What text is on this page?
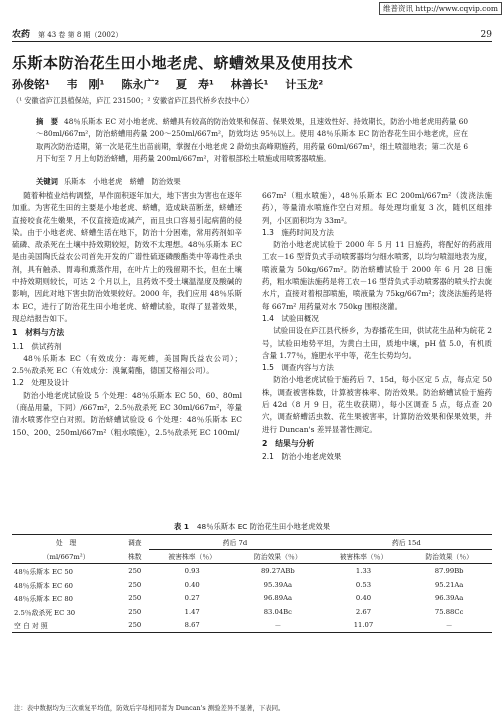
维普资讯 http://www.cqvip.com
农药 第 43 卷 第 8 期（2002）	29
乐斯本防治花生田小地老虎、蛴螬效果及使用技术
孙俊铭¹ 韦　刚¹ 陈永广² 夏　寿¹ 林善长¹ 计玉龙²
（¹ 安徽省庐江县植保站，庐江 231500；² 安徽省庐江县代桥乡农技中心）
摘　要 48％乐斯本 EC 对小地老虎、蛴螬具有较高的防治效果和保苗、保果效果，且速效性好、持效期长，防治小地老虎用药量 60～80ml/667m²，防治蛴螬用药量 200～250ml/667m²，防效均达 95％以上。使用 48％乐斯本 EC 防治春花生田小地老虎，应在取两次防治适期，第一次是花生出苗前期，掌握在小地老虎 2 龄幼虫高峰期施药，用药量 60ml/667m²，细土喷湿地表；第二次是 6 月下旬至 7 月上旬防治蛴螬，用药量 200ml/667m²，对着根部松土喷施或用喷雾器喷施。
关键词 乐斯本　小地老虎　蛴螬　防治效果

随着种植业结构调整，旱作面积逐年加大，地下害虫为害也在逐年加重。为害花生田的主要是小地老虎、蛴螬，造成缺苗断垄，蛴螬还直接咬食花生嫩果，不仅直接造成减产，而且虫口容易引起病菌的侵染。由于小地老虎、蛴螬生活在地下，防治十分困难，常用药剂如辛硫磷、敌杀死在土壤中持效期较短，防效不太理想。48％乐斯本 EC 是由美国陶氏益农公司首先开发的广谱性硫逐磷酸酯类中等毒性杀虫剂，具有触杀、胃毒和熏蒸作用，在叶片上的残留期不长，但在土壤中持效期则较长，可达 2 个月以上，且药效不受土壤温湿度及酸碱的影响，因此对地下害虫防治效果较好。2000 年，我们应用 48％乐斯本 EC，进行了防治花生田小地老虎、蛴螬试验，取得了显著效果，现总结报告如下。

1　材料与方法
1.1　供试药剂

48％乐斯本 EC（有效成分：毒死蜱，美国陶氏益农公司）；2.5％敌杀死 EC（有效成分：溴氰菊酯，德国艾格福公司）。

1.2　处理及设计

防治小地老虎试验设 5 个处理：48％乐斯本 EC 50、60、80ml（商品用量，下同）/667m²，2.5％敌杀死 EC 30ml/667m²，等量清水喷雾作空白对照。防治蛴螬试验设 6 个处理：48％乐斯本 EC 150、200、250ml/667m²（粗水喷施），2.5％敌杀死 EC 100ml/

667m²（粗水喷施），48％乐斯本 EC 200ml/667m²（泼浇法施药），等量清水喷施作空白对照。每处理均重复 3 次，随机区组排列，小区面积均为 33m²。

1.3　施药时间及方法

防治小地老虎试验于 2000 年 5 月 11 日施药，将配好的药液用工农－16 型背负式手动喷雾器均匀细水喷雾，以均匀喷湿地表为度，喷液量为 50kg/667m²。防治蛴螬试验于 2000 年 6 月 28 日施药，粗水喷施法施药是将工农－16 型背负式手动喷雾器的喷头拧去旋水片，直接对着根部喷施，喷液量为 75kg/667m²；泼浇法施药是将每 667m² 用药量对水 750kg 围根浇灌。

1.4　试验田概况

试验田设在庐江县代桥乡，为春播花生田，供试花生品种为皖花 2 号，试验田地势平坦，为黄白土田，质地中壤，pH 值 5.0，有机质含量 1.77％，施肥水平中等，花生长势均匀。

1.5　调查内容与方法

防治小地老虎试验于施药后 7、15d，每小区定 5 点，每点定 50 株，调查被害株数，计算被害株率、防治效果。防治蛴螬试验于施药后 42d（8 月 9 日，花生收获期），每小区调查 5 点，每点查 20 穴，调查蛴螬活虫数、花生果被害率，计算防治效果和保果效果，并进行 Duncan's 差异显著性测定。

2　结果与分析
2.1　防治小地老虎效果
表 1 48％乐斯本 EC 防治花生田小地老虎效果
处　理	调查	药后 7d		药后 15d	
（ml/667m²）	株数	被害株率（％）	防治效果（％）	被害株率（％）	防治效果（％）
48％乐斯本 EC 50	250	0.93	89.27ABb	1.33	87.99Bb
48％乐斯本 EC 60	250	0.40	95.39Aa	0.53	95.21Aa
48％乐斯本 EC 80	250	0.27	96.89Aa	0.40	96.39Aa
2.5％敌杀死 EC 30	250	1.47	83.04Bc	2.67	75.88Cc
空 白 对 照	250	8.67	－	11.07	－
注：表中数据均为三次重复平均值，防效后字母相同者为 Duncan's 测验差异不显著，下表同。
